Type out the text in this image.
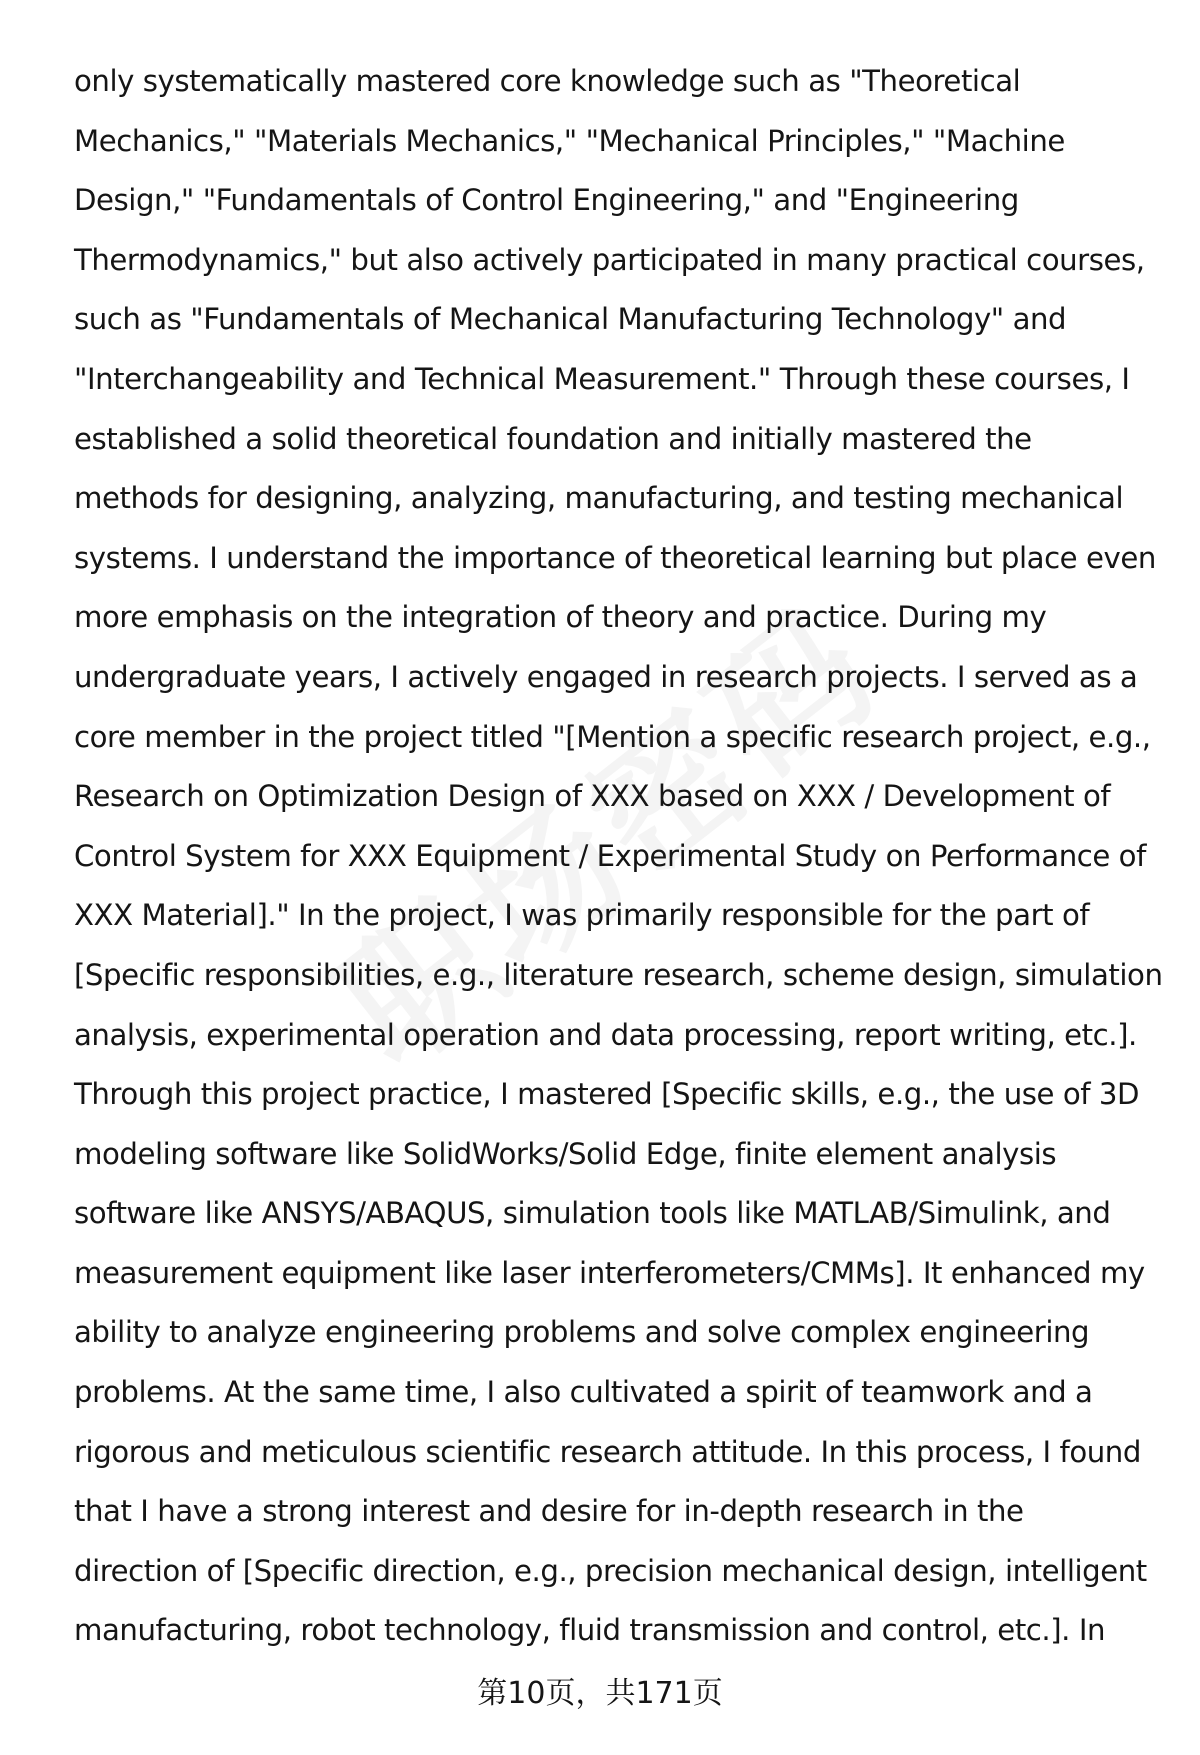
only systematically mastered core knowledge such as "Theoretical
Mechanics," "Materials Mechanics," "Mechanical Principles," "Machine
Design," "Fundamentals of Control Engineering," and "Engineering
Thermodynamics," but also actively participated in many practical courses,
such as "Fundamentals of Mechanical Manufacturing Technology" and
"Interchangeability and Technical Measurement." Through these courses, I
established a solid theoretical foundation and initially mastered the
methods for designing, analyzing, manufacturing, and testing mechanical
systems. I understand the importance of theoretical learning but place even
more emphasis on the integration of theory and practice. During my
undergraduate years, I actively engaged in research projects. I served as a
core member in the project titled "[Mention a specific research project, e.g.,
Research on Optimization Design of XXX based on XXX / Development of
Control System for XXX Equipment / Experimental Study on Performance of
XXX Material]." In the project, I was primarily responsible for the part of
[Specific responsibilities, e.g., literature research, scheme design, simulation
analysis, experimental operation and data processing, report writing, etc.].
Through this project practice, I mastered [Specific skills, e.g., the use of 3D
modeling software like SolidWorks/Solid Edge, finite element analysis
software like ANSYS/ABAQUS, simulation tools like MATLAB/Simulink, and
measurement equipment like laser interferometers/CMMs]. It enhanced my
ability to analyze engineering problems and solve complex engineering
problems. At the same time, I also cultivated a spirit of teamwork and a
rigorous and meticulous scientific research attitude. In this process, I found
that I have a strong interest and desire for in-depth research in the
direction of [Specific direction, e.g., precision mechanical design, intelligent
manufacturing, robot technology, fluid transmission and control, etc.]. In
第10页，共171页
